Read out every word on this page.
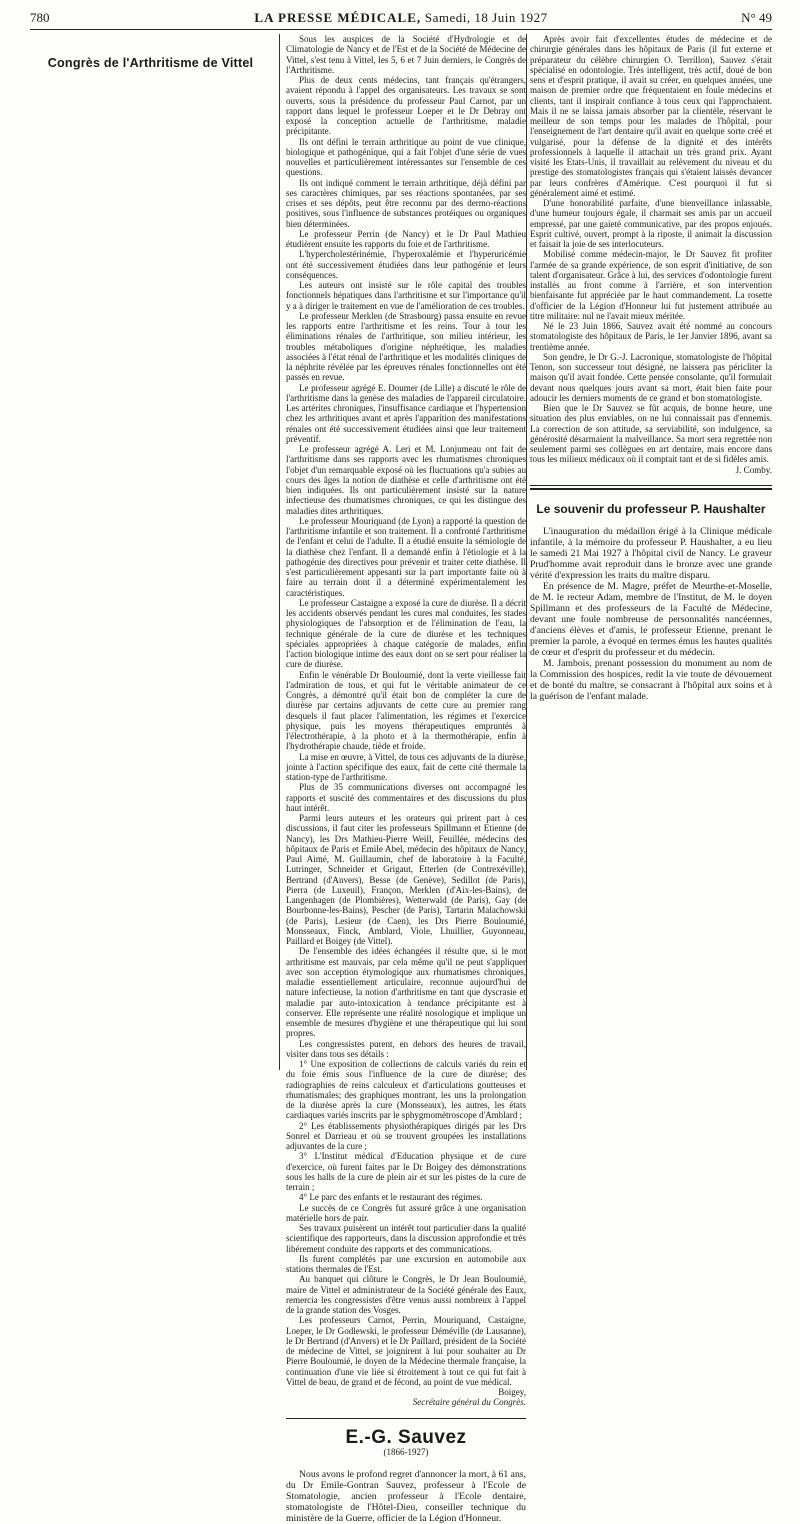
780	LA PRESSE MÉDICALE, Samedi, 18 Juin 1927	N° 49
Congrès de l'Arthritisme de Vittel

Sous les auspices de la Société d'Hydrologie et de Climatologie de Nancy et de l'Est et de la Société de Médecine de Vittel, s'est tenu à Vittel, les 5, 6 et 7 Juin derniers, le Congrès de l'Arthritisme.

Plus de deux cents médecins, tant français qu'étrangers, avaient répondu à l'appel des organisateurs. Les travaux se sont ouverts, sous la présidence du professeur Paul Carnot, par un rapport dans lequel le professeur Loeper et le Dr Debray ont exposé la conception actuelle de l'arthritisme, maladie précipitante.

Ils ont défini le terrain arthritique au point de vue clinique, biologique et pathogénique, qui a fait l'objet d'une série de vues nouvelles et particulièrement intéressantes sur l'ensemble de ces questions.

Ils ont indiqué comment le terrain arthritique, déjà défini par ses caractères chimiques, par ses réactions spontanées, par ses crises et ses dépôts, peut être reconnu par des dermo-réactions positives, sous l'influence de substances protéiques ou organiques bien déterminées.

Le professeur Perrin (de Nancy) et le Dr Paul Mathieu étudièrent ensuite les rapports du foie et de l'arthritisme.

L'hypercholestérinémie, l'hyperoxalémie et l'hyperuricémie ont été successivement étudiées dans leur pathogénie et leurs conséquences.

Les auteurs ont insisté sur le rôle capital des troubles fonctionnels hépatiques dans l'arthritisme et sur l'importance qu'il y a à diriger le traitement en vue de l'amélioration de ces troubles.

Le professeur Merklen (de Strasbourg) passa ensuite en revue les rapports entre l'arthritisme et les reins. Tour à tour les éliminations rénales de l'arthritique, son milieu intérieur, les troubles métaboliques d'origine néphrétique, les maladies associées à l'état rénal de l'arthritique et les modalités cliniques de la néphrite révélée par les épreuves rénales fonctionnelles ont été passés en revue.

Le professeur agrégé E. Doumer (de Lille) a discuté le rôle de l'arthritisme dans la genèse des maladies de l'appareil circulatoire. Les artérites chroniques, l'insuffisance cardiaque et l'hypertension chez les arthritiques avant et après l'apparition des manifestations rénales ont été successivement étudiées ainsi que leur traitement préventif.

Le professeur agrégé A. Leri et M. Lonjumeau ont fait de l'arthritisme dans ses rapports avec les rhumatismes chroniques l'objet d'un remarquable exposé où les fluctuations qu'a subies au cours des âges la notion de diathèse et celle d'arthritisme ont été bien indiquées. Ils ont particulièrement insisté sur la nature infectieuse des rhumatismes chroniques, ce qui les distingue des maladies dites arthritiques.

Le professeur Mouriquand (de Lyon) a rapporté la question de l'arthritisme infantile et son traitement. Il a confronté l'arthritisme de l'enfant et celui de l'adulte. Il a étudié ensuite la sémiologie de la diathèse chez l'enfant. Il a demandé enfin à l'étiologie et à la pathogénie des directives pour prévenir et traiter cette diathèse. Il s'est particulièrement appesanti sur la part importante faite où à faire au terrain dont il a déterminé expérimentalement les caractéristiques.

Le professeur Castaigne a exposé la cure de diurèse. Il a décrit les accidents observés pendant les cures mal conduites, les stades physiologiques de l'absorption et de l'élimination de l'eau, la technique générale de la cure de diurèse et les techniques spéciales appropriées à chaque catégorie de malades, enfin l'action biologique intime des eaux dont on se sert pour réaliser la cure de diurèse.

Enfin le vénérable Dr Bouloumié, dont la verte vieillesse fait l'admiration de tous, et qui fut le véritable animateur de ce Congrès, a démontré qu'il était bon de compléter la cure de diurèse par certains adjuvants de cette cure au premier rang desquels il faut placer l'alimentation, les régimes et l'exercice physique, puis les moyens thérapeutiques empruntés à l'électrothérapie, à la photo et à la thermothérapie, enfin à l'hydrothérapie chaude, tiède et froide.

La mise en œuvre, à Vittel, de tous ces adjuvants de la diurèse, jointe à l'action spécifique des eaux, fait de cette cité thermale la station-type de l'arthritisme.

Plus de 35 communications diverses ont accompagné les rapports et suscité des commentaires et des discussions du plus haut intérêt.

Parmi leurs auteurs et les orateurs qui prirent part à ces discussions, il faut citer les professeurs Spillmann et Etienne (de Nancy), les Drs Mathieu-Pierre Weill, Feuillée, médecins des hôpitaux de Paris et Emile Abel, médecin des hôpitaux de Nancy, Paul Aimé, M. Guillaumin, chef de laboratoire à la Faculté, Lutringer, Schneider et Grigaut, Etterlen (de Contrexéville), Bertrand (d'Anvers), Besse (de Genève), Sedillot (de Paris), Pierra (de Luxeuil), Françon, Merklen (d'Aix-les-Bains), de Langenhagen (de Plombières), Wetterwald (de Paris), Gay (de Bourbonne-les-Bains), Pescher (de Paris), Tartarin Malachowski (de Paris), Lesieur (de Caen), les Drs Pierre Bouloumié, Monsseaux, Finck, Amblard, Viole, Lhuillier, Guyonneau, Paillard et Boigey (de Vittel).

De l'ensemble des idées échangées il résulte que, si le mot arthritisme est mauvais, par cela même qu'il ne peut s'appliquer avec son acception étymologique aux rhumatismes chroniques, maladie essentiellement articulaire, reconnue aujourd'hui de nature infectieuse, la notion d'arthritisme en tant que dyscrasie et maladie par auto-intoxication à tendance précipitante est à conserver. Elle représente une réalité nosologique et implique un ensemble de mesures d'hygiène et une thérapeutique qui lui sont propres.

Les congressistes purent, en dehors des heures de travail, visiter dans tous ses détails :

1° Une exposition de collections de calculs variés du rein et du foie émis sous l'influence de la cure de diurèse; des radiographies de reins calculeux et d'articulations goutteuses et rhumatismales; des graphiques montrant, les uns la prolongation de la diurèse après la cure (Monsseaux), les autres, les états cardiaques variés inscrits par le sphygmomètroscope d'Amblard ;

2° Les établissements physiothérapiques dirigés par les Drs Sonrel et Darrieau et où se trouvent groupées les installations adjuvantes de la cure ;

3° L'Institut médical d'Education physique et de cure d'exercice, où furent faites par le Dr Boigey des démonstrations sous les halls de la cure de plein air et sur les pistes de la cure de terrain ;

4° Le parc des enfants et le restaurant des régimes.

Le succès de ce Congrès fut assuré grâce à une organisation matérielle hors de pair.

Ses travaux puisèrent un intérêt tout particulier dans la qualité scientifique des rapporteurs, dans la discussion approfondie et très libérement conduite des rapports et des communications.

Ils furent complétés par une excursion en automobile aux stations thermales de l'Est.

Au banquet qui clôture le Congrès, le Dr Jean Bouloumié, maire de Vittel et administrateur de la Société générale des Eaux, remercia les congressistes d'être venus aussi nombreux à l'appel de la grande station des Vosges.

Les professeurs Carnot, Perrin, Mouriquand, Castaigne, Loeper, le Dr Godlewski, le professeur Déméville (de Lausanne), le Dr Bertrand (d'Anvers) et le Dr Paillard, président de la Société de médecine de Vittel, se joignirent à lui pour souhaiter au Dr Pierre Bouloumié, le doyen de la Médecine thermale française, la continuation d'une vie liée si étroitement à tout ce qui fut fait à Vittel de beau, de grand et de fécond, au point de vue médical.

Boigey,

Secrétaire général du Congrès.

E.-G. Sauvez
(1866-1927)

Nous avons le profond regret d'annoncer la mort, à 61 ans, du Dr Emile-Gontran Sauvez, professeur à l'Ecole de Stomatologie, ancien professeur à l'Ecole dentaire, stomatologiste de l'Hôtel-Dieu, conseiller technique du ministère de la Guerre, officier de la Légion d'Honneur.

Après avoir fait d'excellentes études de médecine et de chirurgie générales dans les hôpitaux de Paris (il fut externe et préparateur du célèbre chirurgien O. Terrillon), Sauvez s'était spécialisé en odontologie. Très intelligent, très actif, doué de bon sens et d'esprit pratique, il avait su créer, en quelques années, une maison de premier ordre que fréquentaient en foule médecins et clients, tant il inspirait confiance à tous ceux qui l'approchaient. Mais il ne se laissa jamais absorber par la clientèle, réservant le meilleur de son temps pour les malades de l'hôpital, pour l'enseignement de l'art dentaire qu'il avait en quelque sorte créé et vulgarisé, pour la défense de la dignité et des intérêts professionnels à laquelle il attachait un très grand prix. Ayant visité les Etats-Unis, il travaillait au relèvement du niveau et du prestige des stomatologistes français qui s'étaient laissés devancer par leurs confrères d'Amérique. C'est pourquoi il fut si généralement aimé et estimé.

D'une honorabilité parfaite, d'une bienveillance inlassable, d'une humeur toujours égale, il charmait ses amis par un accueil empressé, par une gaieté communicative, par des propos enjoués. Esprit cultivé, ouvert, prompt à la riposte, il animait la discussion et faisait la joie de ses interlocuteurs.

Mobilisé comme médecin-major, le Dr Sauvez fit profiter l'armée de sa grande expérience, de son esprit d'initiative, de son talent d'organisateur. Grâce à lui, des services d'odontologie furent installés au front comme à l'arrière, et son intervention bienfaisante fut appréciée par le haut commandement. La rosette d'officier de la Légion d'Honneur lui fut justement attribuée au titre militaire: nul ne l'avait mieux méritée.

Né le 23 Juin 1866, Sauvez avait été nommé au concours stomatologiste des hôpitaux de Paris, le 1er Janvier 1896, avant sa trentième année.

Son gendre, le Dr G.-J. Lacronique, stomatologiste de l'hôpital Tenon, son successeur tout désigné, ne laissera pas péricliter la maison qu'il avait fondée. Cette pensée consolante, qu'il formulait devant nous quelques jours avant sa mort, était bien faite pour adoucir les derniers moments de ce grand et bon stomatologiste.

Bien que le Dr Sauvez se fût acquis, de bonne heure, une situation des plus enviables, on ne lui connaissait pas d'ennemis. La correction de son attitude, sa serviabilité, son indulgence, sa générosité désarmaient la malveillance. Sa mort sera regrettée non seulement parmi ses collègues en art dentaire, mais encore dans tous les milieux médicaux où il comptait tant et de si fidèles amis.

J. Comby.

Le souvenir du professeur P. Haushalter

L'inauguration du médaillon érigé à la Clinique médicale infantile, à la mémoire du professeur P. Haushalter, a eu lieu le samedi 21 Mai 1927 à l'hôpital civil de Nancy. Le graveur Prud'homme avait reproduit dans le bronze avec une grande vérité d'expression les traits du maître disparu.

En présence de M. Magre, préfet de Meurthe-et-Moselle, de M. le recteur Adam, membre de l'Institut, de M. le doyen Spillmann et des professeurs de la Faculté de Médecine, devant une foule nombreuse de personnalités nancéennes, d'anciens élèves et d'amis, le professeur Etienne, prenant le premier la parole, a évoqué en termes émus les hautes qualités de cœur et d'esprit du professeur et du médecin.

M. Jambois, prenant possession du monument au nom de la Commission des hospices, redit la vie toute de dévouement et de bonté du maître, se consacrant à l'hôpital aux soins et à la guérison de l'enfant malade.
